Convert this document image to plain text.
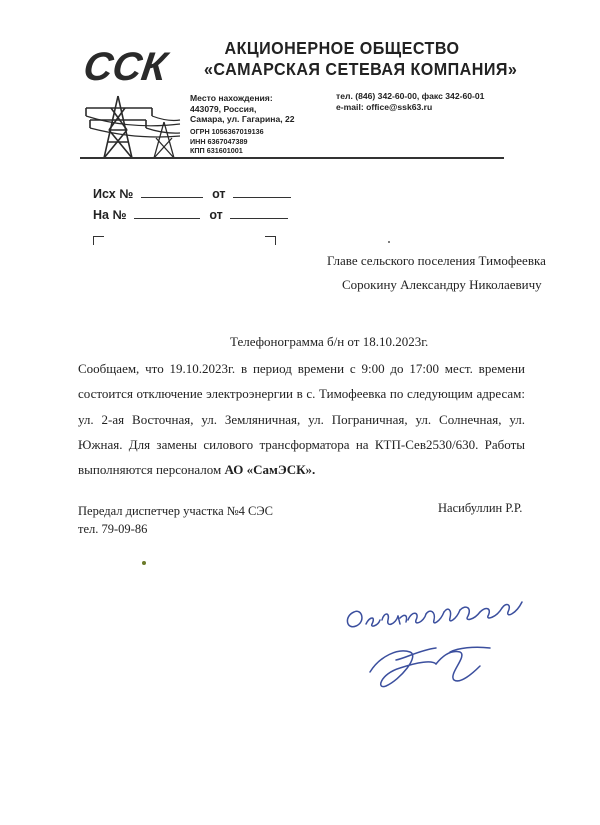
ССК	АКЦИОНЕРНОЕ ОБЩЕСТВО
«САМАРСКАЯ СЕТЕВАЯ КОМПАНИЯ»
Место нахождения:
443079, Россия,
Самара, ул. Гагарина, 22
ОГРН 1056367019136
ИНН 6367047389
КПП 631601001
тел. (846) 342-60-00, факс 342-60-01
e-mail: office@ssk63.ru
Исх №	от
На №	от
Главе сельского поселения Тимофеевка
Сорокину Александру Николаевичу
Телефонограмма б/н от 18.10.2023г.
Сообщаем, что 19.10.2023г. в период времени с 9:00 до 17:00 мест. времени состоится отключение электроэнергии в с. Тимофеевка по следующим адресам: ул. 2-ая Восточная, ул. Земляничная, ул. Пограничная, ул. Солнечная, ул. Южная. Для замены силового трансформатора на КТП-Сев2530/630. Работы выполняются персоналом АО «СамЭСК».
Передал диспетчер участка №4 СЭС
тел. 79-09-86
Насибуллин Р.Р.
